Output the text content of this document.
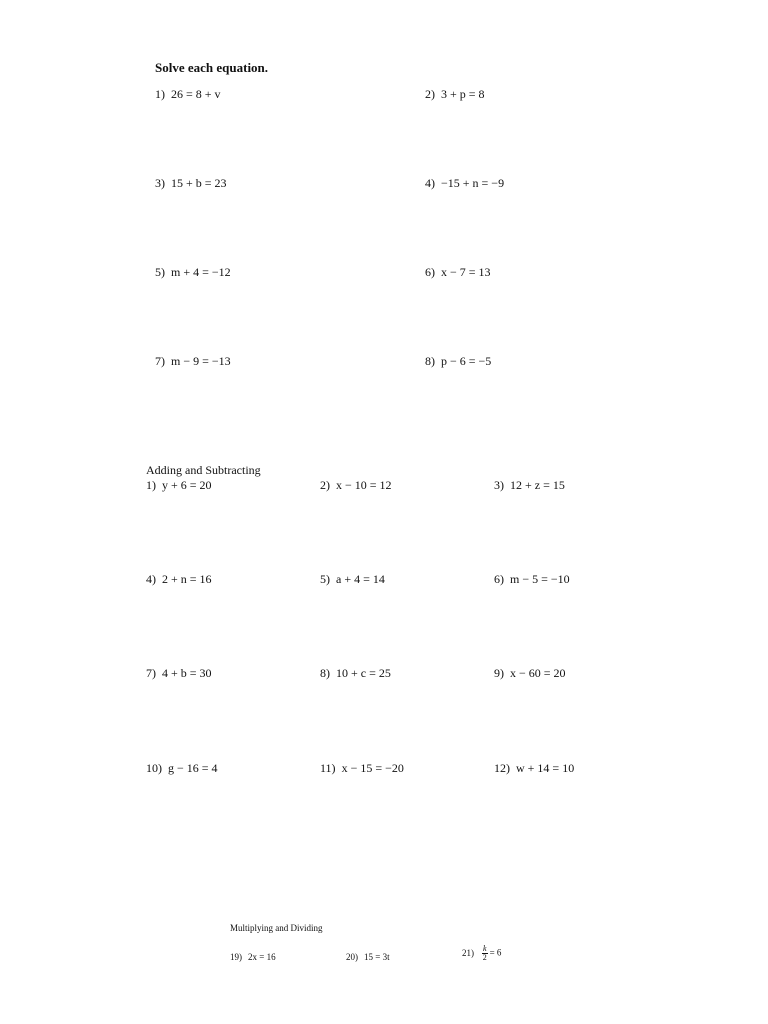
Solve each equation.
1) 26 = 8 + v	2) 3 + p = 8
3) 15 + b = 23	4) −15 + n = −9
5) m + 4 = −12	6) x − 7 = 13
7) m − 9 = −13	8) p − 6 = −5
Adding and Subtracting
1) y + 6 = 20	2) x − 10 = 12	3) 12 + z = 15
4) 2 + n = 16	5) a + 4 = 14	6) m − 5 = −10
7) 4 + b = 30	8) 10 + c = 25	9) x − 60 = 20
10) g − 16 = 4	11) x − 15 = −20	12) w + 14 = 10
Multiplying and Dividing
19) 2x = 16	20) 15 = 3t	$21) \frac{k}{2} = 6$
